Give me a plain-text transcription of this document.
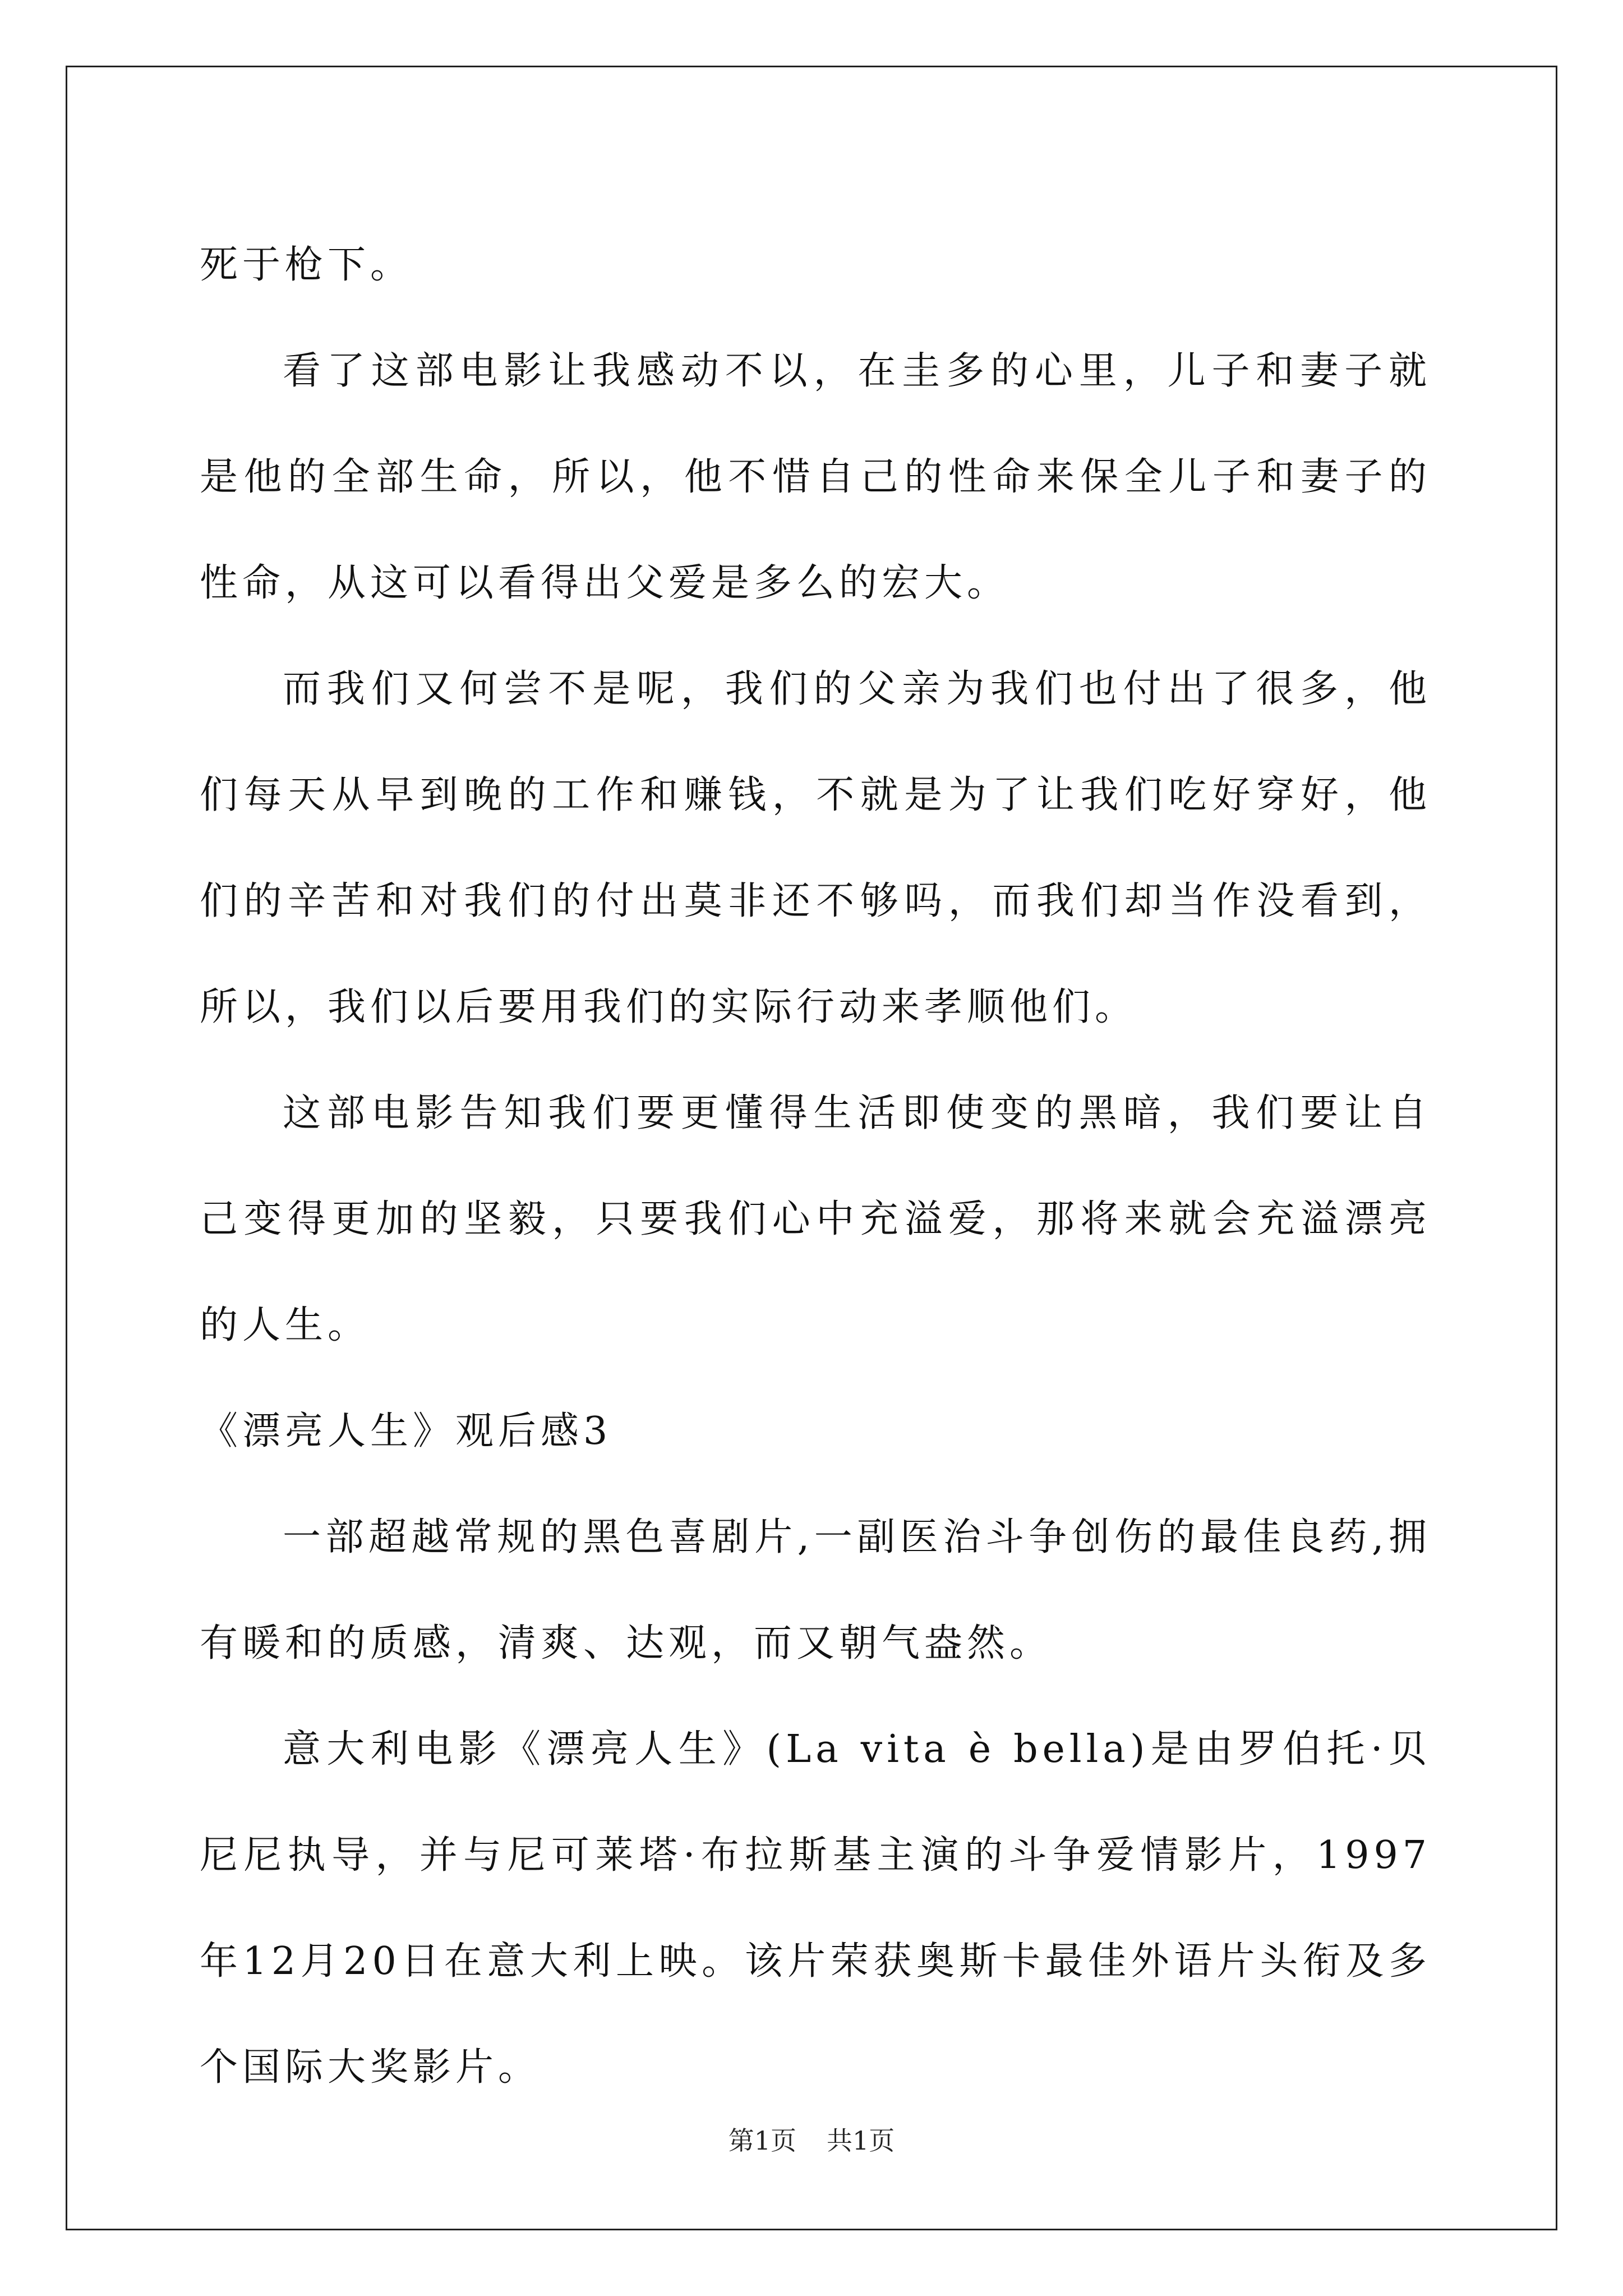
死于枪下。

看了这部电影让我感动不以，在圭多的心里，儿子和妻子就是他的全部生命，所以，他不惜自己的性命来保全儿子和妻子的性命，从这可以看得出父爱是多么的宏大。

而我们又何尝不是呢，我们的父亲为我们也付出了很多，他们每天从早到晚的工作和赚钱，不就是为了让我们吃好穿好，他们的辛苦和对我们的付出莫非还不够吗，而我们却当作没看到，所以，我们以后要用我们的实际行动来孝顺他们。

这部电影告知我们要更懂得生活即使变的黑暗，我们要让自己变得更加的坚毅，只要我们心中充溢爱，那将来就会充溢漂亮的人生。

《漂亮人生》观后感3

一部超越常规的黑色喜剧片,一副医治斗争创伤的最佳良药,拥有暖和的质感，清爽、达观，而又朝气盎然。

意大利电影《漂亮人生》(La vita è bella)是由罗伯托·贝尼尼执导，并与尼可莱塔·布拉斯基主演的斗争爱情影片，1997年12月20日在意大利上映。该片荣获奥斯卡最佳外语片头衔及多个国际大奖影片。

第1页 共1页
